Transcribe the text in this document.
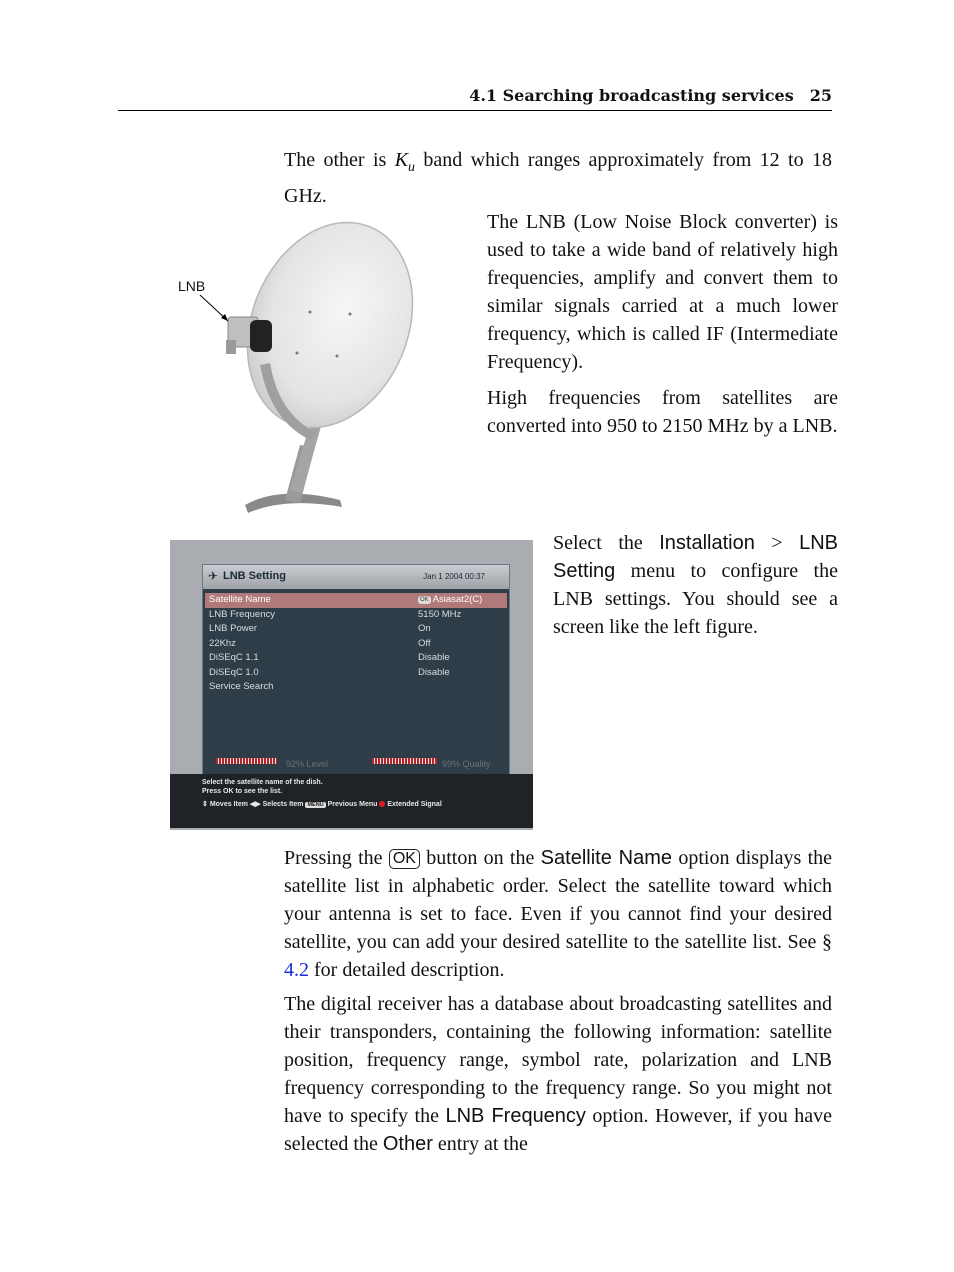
4.1 Searching broadcasting services 25

The other is $K_u$ band which ranges approximately from 12 to 18 GHz.

LNB

The LNB (Low Noise Block converter) is used to take a wide band of relatively high frequencies, amplify and convert them to similar signals carried at a much lower frequency, which is called IF (Intermediate Frequency).

High frequencies from satellites are converted into 950 to 2150 MHz by a LNB.

✈ LNB Setting	Jan 1 2004 00:37
Satellite Name	OK Asiasat2(C)
LNB Frequency	5150 MHz
LNB Power	On
22Khz	Off
DiSEqC 1.1	Disable
DiSEqC 1.0	Disable
Service Search
92% Level	99% Quality
Select the satellite name of the dish.
Press OK to see the list.
⇕ Moves Item ◀▶ Selects Item MENU Previous Menu Extended Signal

Select the Installation > LNB Setting menu to configure the LNB settings. You should see a screen like the left figure.

Pressing the OK button on the Satellite Name option displays the satellite list in alphabetic order. Select the satellite toward which your antenna is set to face. Even if you cannot find your desired satellite, you can add your desired satellite to the satellite list. See § 4.2 for detailed description.

The digital receiver has a database about broadcasting satellites and their transponders, containing the following information: satellite position, frequency range, symbol rate, polarization and LNB frequency corresponding to the frequency range. So you might not have to specify the LNB Frequency option. However, if you have selected the Other entry at the
